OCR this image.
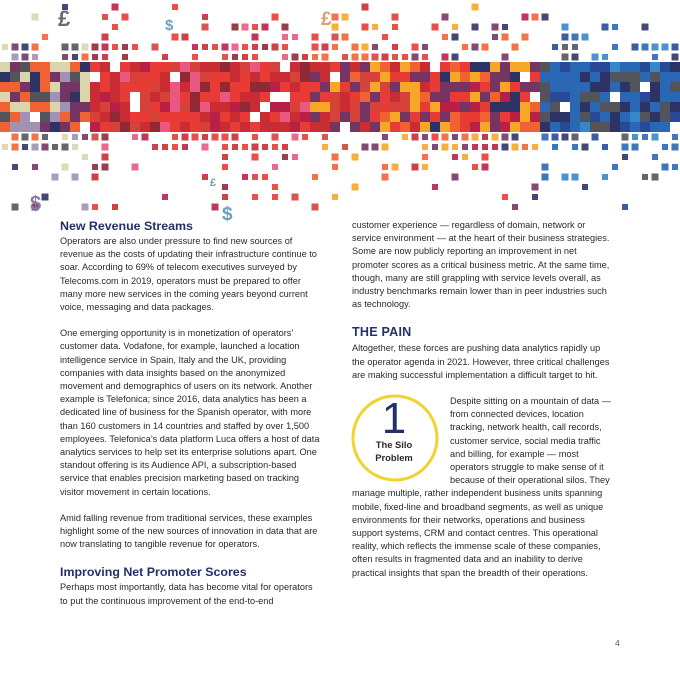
£	$	£
$
£
$
New Revenue Streams

Operators are also under pressure to find new sources of revenue as the costs of updating their infrastructure continue to soar. According to 69% of telecom executives surveyed by Telecoms.com in 2019, operators must be prepared to offer many more new services in the coming years beyond current voice, messaging and data packages.

One emerging opportunity is in monetization of operators’ customer data. Vodafone, for example, launched a location intelligence service in Spain, Italy and the UK, providing companies with data insights based on the anonymized movement and demographics of users on its network. Another example is Telefonica; since 2016, data analytics has been a dedicated line of business for the Spanish operator, with more than 160 customers in 14 countries and staffed by over 1,500 employees. Telefonica’s data platform Luca offers a host of data analytics services to help set its enterprise solutions apart. One standout offering is its Audience API, a subscription-based service that enables precision marketing based on tracking visitor movement in certain locations.

Amid falling revenue from traditional services, these examples highlight some of the new sources of innovation in data that are now translating to tangible revenue for operators.

Improving Net Promoter Scores

Perhaps most importantly, data has become vital for operators to put the continuous improvement of the end-to-end

customer experience — regardless of domain, network or service environment — at the heart of their business strategies. Some are now publicly reporting an improvement in net promoter scores as a critical business metric. At the same time, though, many are still grappling with service levels overall, as industry benchmarks remain lower than in peer industries such as technology.

THE PAIN

Altogether, these forces are pushing data analytics rapidly up the operator agenda in 2021. However, three critical challenges are making successful implementation a difficult target to hit.

1
The Silo
Problem

Despite sitting on a mountain of data — from connected devices, location tracking, network health, call records, customer service, social media traffic and billing, for example — most operators struggle to make sense of it because of their operational silos. They manage multiple, rather independent business units spanning mobile, fixed-line and broadband segments, as well as unique environments for their networks, operations and business support systems, CRM and contact centres. This operational reality, which reflects the immense scale of these companies, often results in fragmented data and an inability to derive practical insights that span the breadth of their operations.

4
